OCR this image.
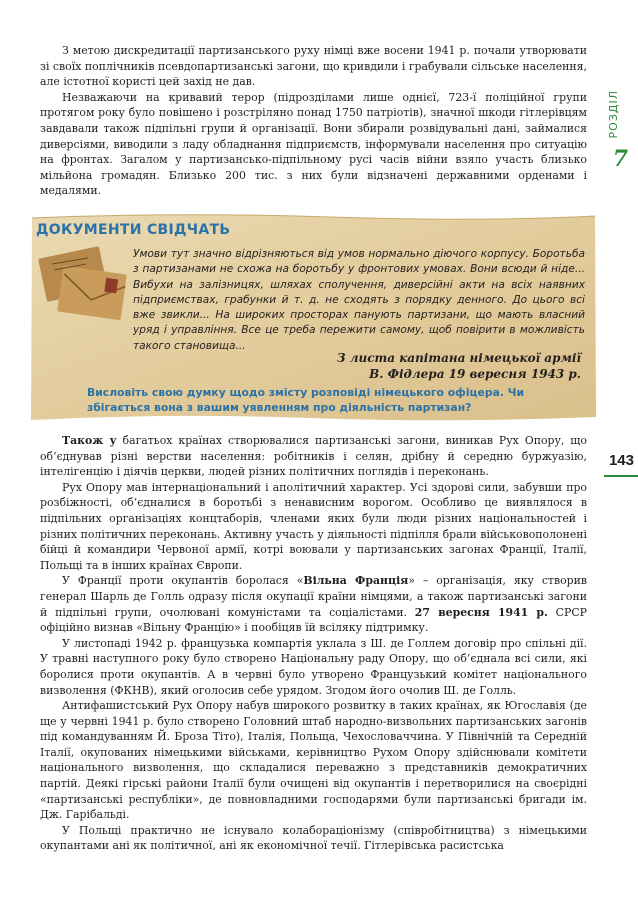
РОЗДІЛ
7
143

З метою дискредитації партизанського руху німці вже восени 1941 р. почали утворювати зі своїх поплічників псевдопартизанські загони, що кривдили і грабували сільське населення, але істотної користі цей захід не дав.

Незважаючи на кривавий терор (підрозділами лише однієї, 723-ї поліційної групи протягом року було повішено і розстріляно понад 1750 патріотів), значної шкоди гітлерівцям завдавали також підпільні групи й організації. Вони збирали розвідувальні дані, займалися диверсіями, виводили з ладу обладнання підприємств, інформували населення про ситуацію на фронтах. Загалом у партизансько-підпільному русі часів війни взяло участь близько мільйона громадян. Близько 200 тис. з них були відзначені державними орденами і медалями.

ДОКУМЕНТИ СВІДЧАТЬ

Умови тут значно відрізняються від умов нормально діючого корпусу. Боротьба з партизанами не схожа на боротьбу у фронтових умовах. Вони всюди й ніде... Вибухи на залізницях, шляхах сполучення, диверсійні акти на всіх наявних підприємствах, грабунки й т. д. не сходять з порядку денного. До цього всі вже звикли... На широких просторах панують партизани, що мають власний уряд і управління. Все це треба пережити самому, щоб повірити в можливість такого становища...

З листа капітана німецької армії
В. Фідлера 19 вересня 1943 р.

Висловіть свою думку щодо змісту розповіді німецького офіцера. Чи збігається вона з вашим уявленням про діяльність партизан?

Також у багатьох країнах створювалися партизанські загони, виникав Рух Опору, що об’єднував різні верстви населення: робітників і селян, дрібну й середню буржуазію, інтелігенцію і діячів церкви, людей різних політичних поглядів і переконань.

Рух Опору мав інтернаціональний і аполітичний характер. Усі здорові сили, забувши про розбіжності, об’єдналися в боротьбі з ненависним ворогом. Особливо це виявлялося в підпільних організаціях концтаборів, членами яких були люди різних національностей і різних політичних переконань. Активну участь у діяльності підпілля брали військовополонені бійці й командири Червоної армії, котрі воювали у партизанських загонах Франції, Італії, Польщі та в інших країнах Європи.

У Франції проти окупантів боролася «Вільна Франція» – організація, яку створив генерал Шарль де Голль одразу після окупації країни німцями, а також партизанські загони й підпільні групи, очолювані комуністами та соціалістами. 27 вересня 1941 р. СРСР офіційно визнав «Вільну Францію» і пообіцяв їй всіляку підтримку.

У листопаді 1942 р. французька компартія уклала з Ш. де Голлем договір про спільні дії. У травні наступного року було створено Національну раду Опору, що об’єднала всі сили, які боролися проти окупантів. А в червні було утворено Французький комітет національного визволення (ФКНВ), який оголосив себе урядом. Згодом його очолив Ш. де Голль.

Антифашистський Рух Опору набув широкого розвитку в таких країнах, як Югославія (де ще у червні 1941 р. було створено Головний штаб народно-визвольних партизанських загонів під командуванням Й. Броза Тіто), Італія, Польща, Чехословаччина. У Північній та Середній Італії, окупованих німецькими військами, керівництво Рухом Опору здійснювали комітети національного визволення, що складалися переважно з представників демократичних партій. Деякі гірські райони Італії були очищені від окупантів і перетворилися на своєрідні «партизанські республіки», де повновладними господарями були партизанські бригади ім. Дж. Гарібальді.

У Польщі практично не існувало колабораціонізму (співробітництва) з німецькими окупантами ані як політичної, ані як економічної течії. Гітлерівська расистська
